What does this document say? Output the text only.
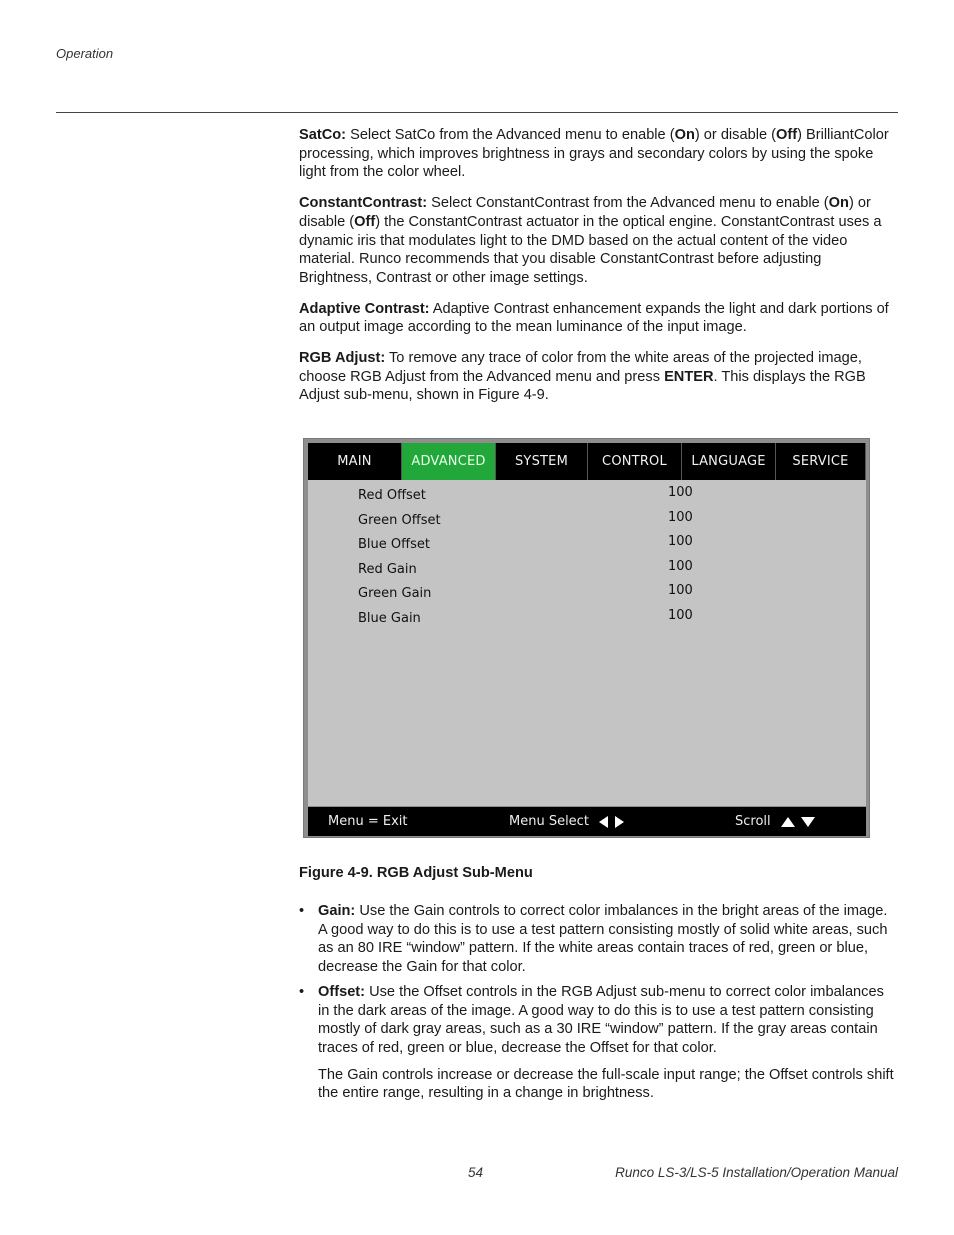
Operation

SatCo: Select SatCo from the Advanced menu to enable (On) or disable (Off) BrilliantColor processing, which improves brightness in grays and secondary colors by using the spoke light from the color wheel.

ConstantContrast: Select ConstantContrast from the Advanced menu to enable (On) or disable (Off) the ConstantContrast actuator in the optical engine. ConstantContrast uses a dynamic iris that modulates light to the DMD based on the actual content of the video material. Runco recommends that you disable ConstantContrast before adjusting Brightness, Contrast or other image settings.

Adaptive Contrast: Adaptive Contrast enhancement expands the light and dark portions of an output image according to the mean luminance of the input image.

RGB Adjust: To remove any trace of color from the white areas of the projected image, choose RGB Adjust from the Advanced menu and press ENTER. This displays the RGB Adjust sub-menu, shown in Figure 4-9.

MAIN	ADVANCED	SYSTEM	CONTROL	LANGUAGE	SERVICE
Red Offset	100
Green Offset	100
Blue Offset	100
Red Gain	100
Green Gain	100
Blue Gain	100
Menu = Exit	Menu Select	Scroll
Figure 4-9. RGB Adjust Sub-Menu
• Gain: Use the Gain controls to correct color imbalances in the bright areas of the image. A good way to do this is to use a test pattern consisting mostly of solid white areas, such as an 80 IRE “window” pattern. If the white areas contain traces of red, green or blue, decrease the Gain for that color.
• Offset: Use the Offset controls in the RGB Adjust sub-menu to correct color imbalances in the dark areas of the image. A good way to do this is to use a test pattern consisting mostly of dark gray areas, such as a 30 IRE “window” pattern. If the gray areas contain traces of red, green or blue, decrease the Offset for that color.

The Gain controls increase or decrease the full-scale input range; the Offset controls shift the entire range, resulting in a change in brightness.

54	Runco LS-3/LS-5 Installation/Operation Manual
